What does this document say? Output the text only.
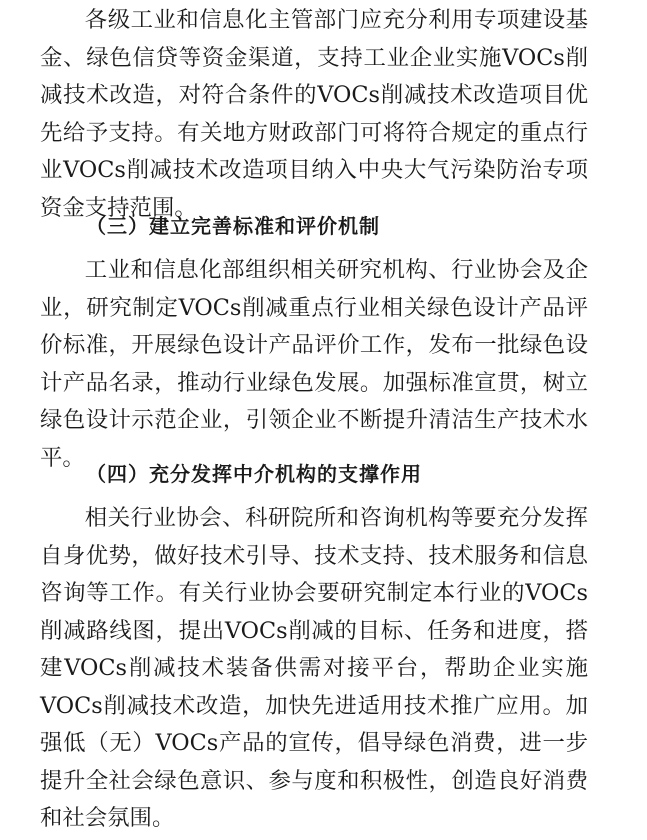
各级工业和信息化主管部门应充分利用专项建设基金、绿色信贷等资金渠道，支持工业企业实施VOCs削减技术改造，对符合条件的VOCs削减技术改造项目优先给予支持。有关地方财政部门可将符合规定的重点行业VOCs削减技术改造项目纳入中央大气污染防治专项资金支持范围。

（三）建立完善标准和评价机制

工业和信息化部组织相关研究机构、行业协会及企业，研究制定VOCs削减重点行业相关绿色设计产品评价标准，开展绿色设计产品评价工作，发布一批绿色设计产品名录，推动行业绿色发展。加强标准宣贯，树立绿色设计示范企业，引领企业不断提升清洁生产技术水平。

（四）充分发挥中介机构的支撑作用

相关行业协会、科研院所和咨询机构等要充分发挥自身优势，做好技术引导、技术支持、技术服务和信息咨询等工作。有关行业协会要研究制定本行业的VOCs削减路线图，提出VOCs削减的目标、任务和进度，搭建VOCs削减技术装备供需对接平台，帮助企业实施VOCs削减技术改造，加快先进适用技术推广应用。加强低（无）VOCs产品的宣传，倡导绿色消费，进一步提升全社会绿色意识、参与度和积极性，创造良好消费和社会氛围。
